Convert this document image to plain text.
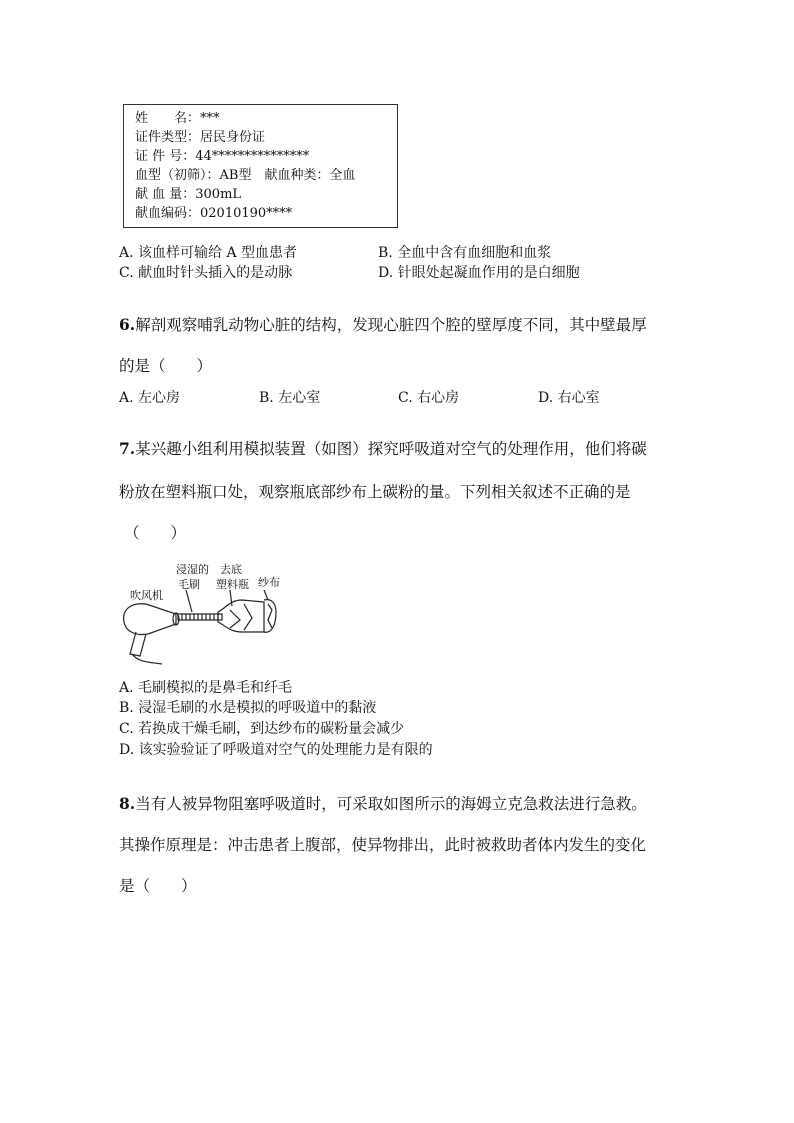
姓　　名：***
证件类型：居民身份证
证 件 号：44***************
血型（初筛）：AB型　献血种类：全血
献 血 量：300mL
献血编码：02010190****
A. 该血样可输给 A 型血患者	B. 全血中含有血细胞和血浆
C. 献血时针头插入的是动脉	D. 针眼处起凝血作用的是白细胞
6.解剖观察哺乳动物心脏的结构，发现心脏四个腔的壁厚度不同，其中壁最厚
的是（　　）
A. 左心房	B. 左心室	C. 右心房	D. 右心室
7.某兴趣小组利用模拟装置（如图）探究呼吸道对空气的处理作用，他们将碳
粉放在塑料瓶口处，观察瓶底部纱布上碳粉的量。下列相关叙述不正确的是
（　　）
浸湿的 去底
毛刷 塑料瓶 纱布
吹风机
A. 毛刷模拟的是鼻毛和纤毛
B. 浸湿毛刷的水是模拟的呼吸道中的黏液
C. 若换成干燥毛刷，到达纱布的碳粉量会减少
D. 该实验验证了呼吸道对空气的处理能力是有限的
8.当有人被异物阻塞呼吸道时，可采取如图所示的海姆立克急救法进行急救。
其操作原理是：冲击患者上腹部，使异物排出，此时被救助者体内发生的变化
是（　　）
